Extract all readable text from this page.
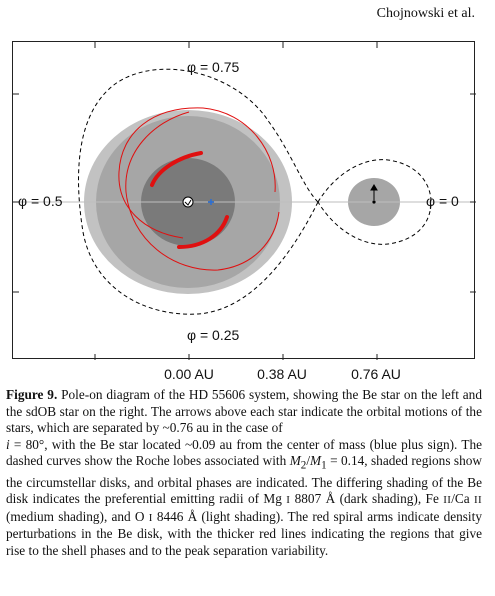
Chojnowski et al.
φ = 0.75
φ = 0.5	φ = 0
φ = 0.25
0.00 AU	0.38 AU	0.76 AU
Figure 9. Pole-on diagram of the HD 55606 system, showing the Be star on the left and the sdOB star on the right. The arrows above each star indicate the orbital motions of the stars, which are separated by ~0.76 au in the case of
i = 80°, with the Be star located ~0.09 au from the center of mass (blue plus sign). The dashed curves show the Roche lobes associated with $M_2/M_1 = 0.14$, shaded regions show the circumstellar disks, and orbital phases are indicated. The differing shading of the Be disk indicates the preferential emitting radii of Mg I 8807 Å (dark shading), Fe II/Ca II (medium shading), and O I 8446 Å (light shading). The red spiral arms indicate density perturbations in the Be disk, with the thicker red lines indicating the regions that give rise to the shell phases and to the peak separation variability.
